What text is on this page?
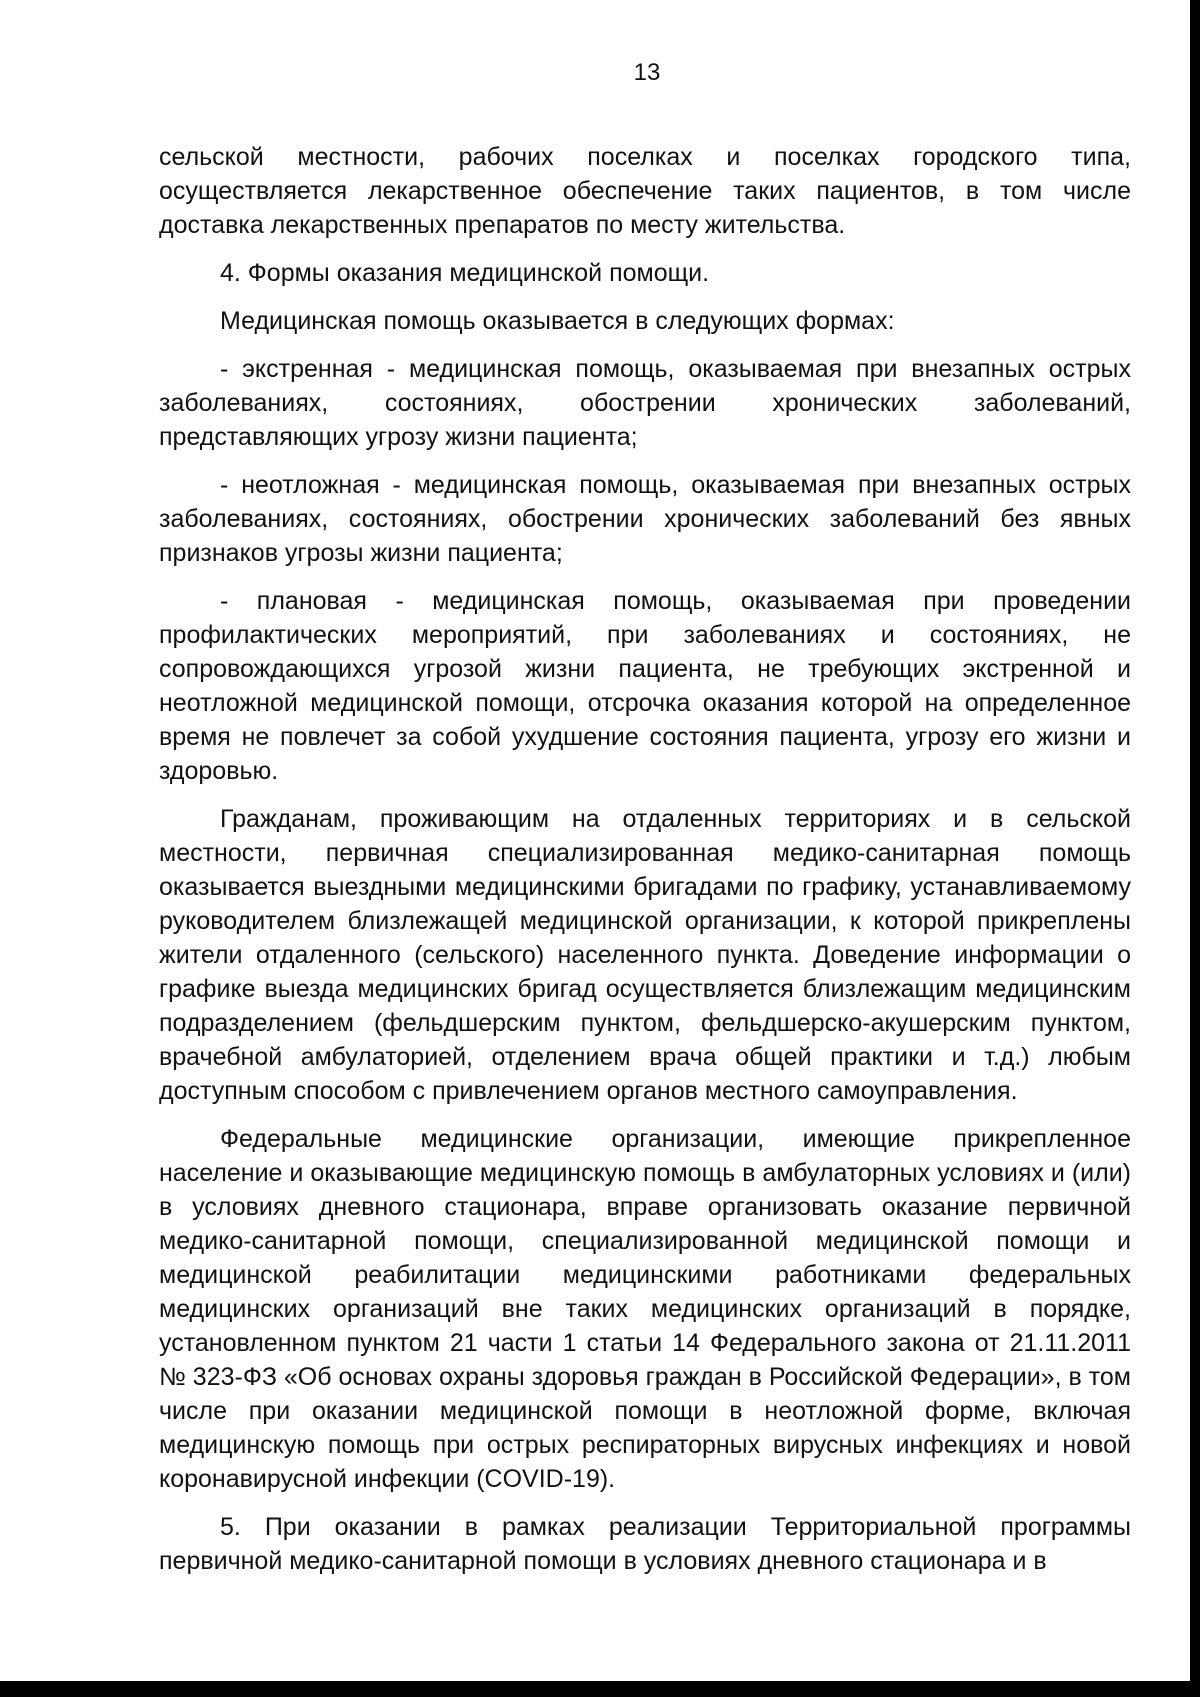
13

сельской местности, рабочих поселках и поселках городского типа, осуществляется лекарственное обеспечение таких пациентов, в том числе доставка лекарственных препаратов по месту жительства.

4. Формы оказания медицинской помощи.

Медицинская помощь оказывается в следующих формах:

- экстренная - медицинская помощь, оказываемая при внезапных острых заболеваниях, состояниях, обострении хронических заболеваний, представляющих угрозу жизни пациента;

- неотложная - медицинская помощь, оказываемая при внезапных острых заболеваниях, состояниях, обострении хронических заболеваний без явных признаков угрозы жизни пациента;

- плановая - медицинская помощь, оказываемая при проведении профилактических мероприятий, при заболеваниях и состояниях, не сопровождающихся угрозой жизни пациента, не требующих экстренной и неотложной медицинской помощи, отсрочка оказания которой на определенное время не повлечет за собой ухудшение состояния пациента, угрозу его жизни и здоровью.

Гражданам, проживающим на отдаленных территориях и в сельской местности, первичная специализированная медико-санитарная помощь оказывается выездными медицинскими бригадами по графику, устанавливаемому руководителем близлежащей медицинской организации, к которой прикреплены жители отдаленного (сельского) населенного пункта. Доведение информации о графике выезда медицинских бригад осуществляется близлежащим медицинским подразделением (фельдшерским пунктом, фельдшерско-акушерским пунктом, врачебной амбулаторией, отделением врача общей практики и т.д.) любым доступным способом с привлечением органов местного самоуправления.

Федеральные медицинские организации, имеющие прикрепленное население и оказывающие медицинскую помощь в амбулаторных условиях и (или) в условиях дневного стационара, вправе организовать оказание первичной медико-санитарной помощи, специализированной медицинской помощи и медицинской реабилитации медицинскими работниками федеральных медицинских организаций вне таких медицинских организаций в порядке, установленном пунктом 21 части 1 статьи 14 Федерального закона от 21.11.2011 № 323-ФЗ «Об основах охраны здоровья граждан в Российской Федерации», в том числе при оказании медицинской помощи в неотложной форме, включая медицинскую помощь при острых респираторных вирусных инфекциях и новой коронавирусной инфекции (COVID-19).

5. При оказании в рамках реализации Территориальной программы первичной медико-санитарной помощи в условиях дневного стационара и в
